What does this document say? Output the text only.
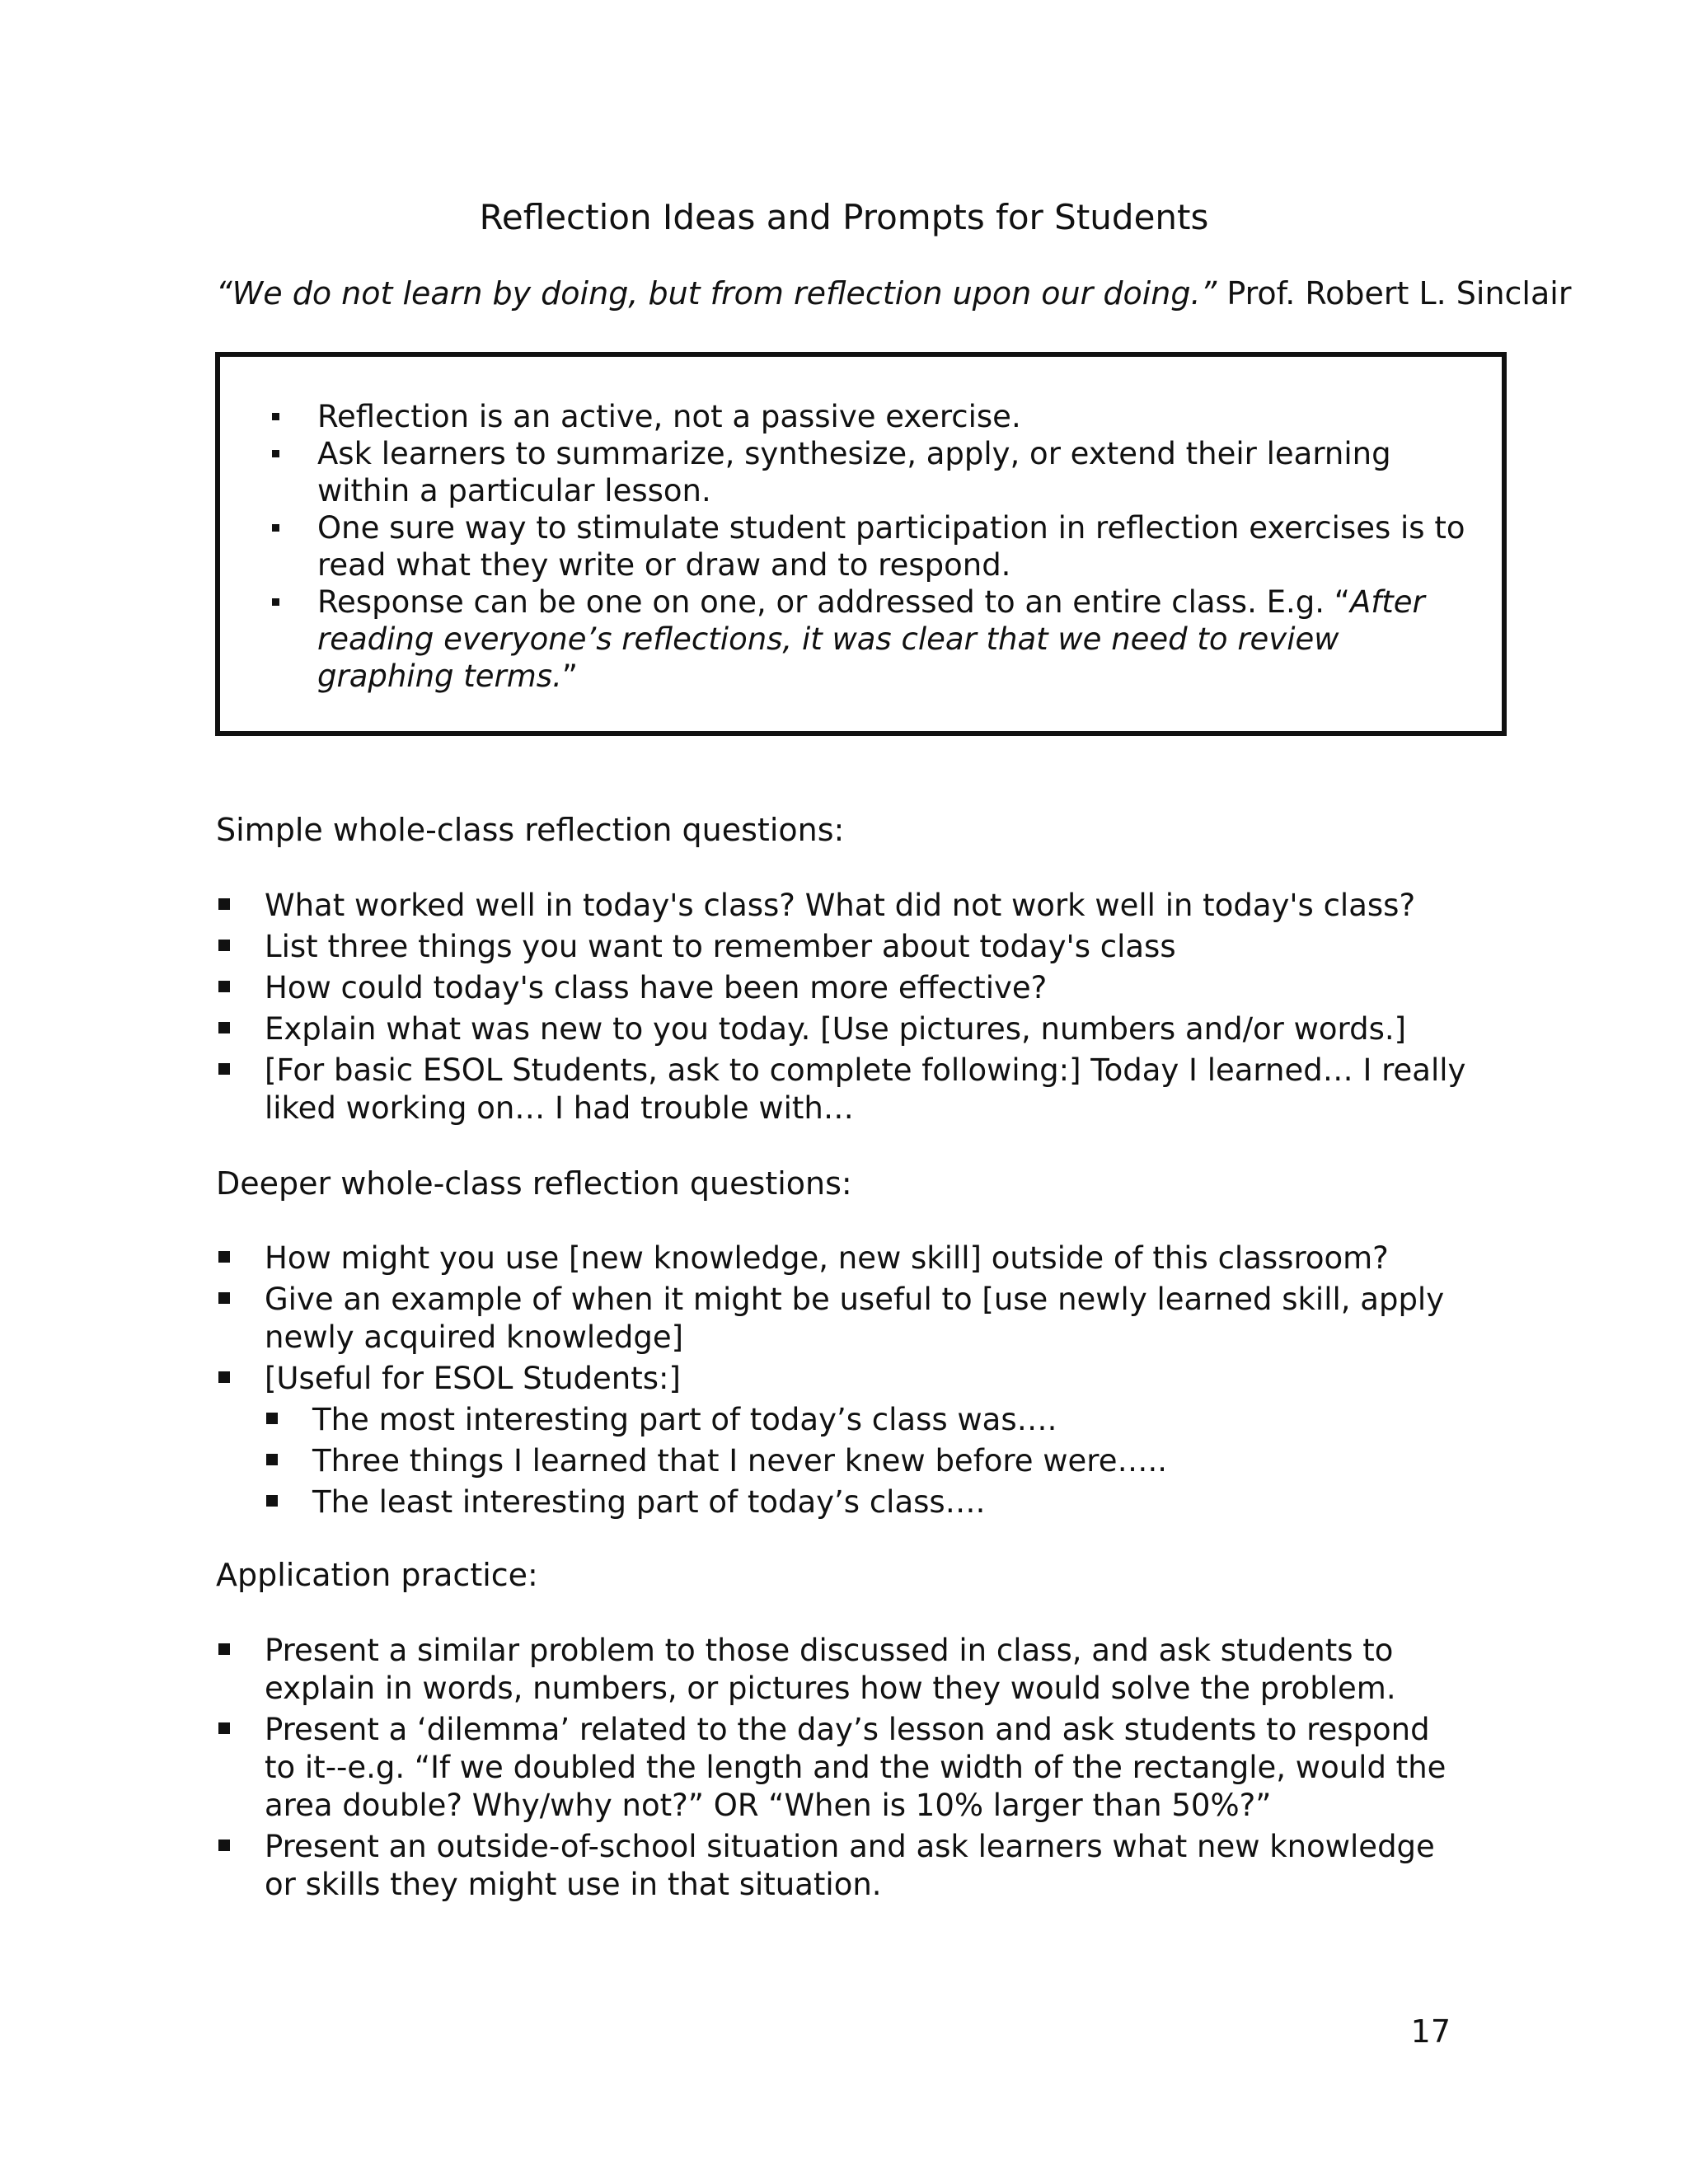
Reflection Ideas and Prompts for Students
“We do not learn by doing, but from reflection upon our doing.” Prof. Robert L. Sinclair
Reflection is an active, not a passive exercise.
Ask learners to summarize, synthesize, apply, or extend their learning within a particular lesson.
One sure way to stimulate student participation in reflection exercises is to read what they write or draw and to respond.
Response can be one on one, or addressed to an entire class. E.g. “After reading everyone’s reflections, it was clear that we need to review graphing terms.”
Simple whole-class reflection questions:
What worked well in today's class? What did not work well in today's class?
List three things you want to remember about today's class
How could today's class have been more effective?
Explain what was new to you today. [Use pictures, numbers and/or words.]
[For basic ESOL Students, ask to complete following:] Today I learned… I really liked working on… I had trouble with…
Deeper whole-class reflection questions:
How might you use [new knowledge, new skill] outside of this classroom?
Give an example of when it might be useful to [use newly learned skill, apply newly acquired knowledge]
[Useful for ESOL Students:]
The most interesting part of today’s class was….
Three things I learned that I never knew before were…..
The least interesting part of today’s class….
Application practice:
Present a similar problem to those discussed in class, and ask students to explain in words, numbers, or pictures how they would solve the problem.
Present a ‘dilemma’ related to the day’s lesson and ask students to respond to it--e.g. “If we doubled the length and the width of the rectangle, would the area double? Why/why not?” OR “When is 10% larger than 50%?”
Present an outside-of-school situation and ask learners what new knowledge or skills they might use in that situation.
17
